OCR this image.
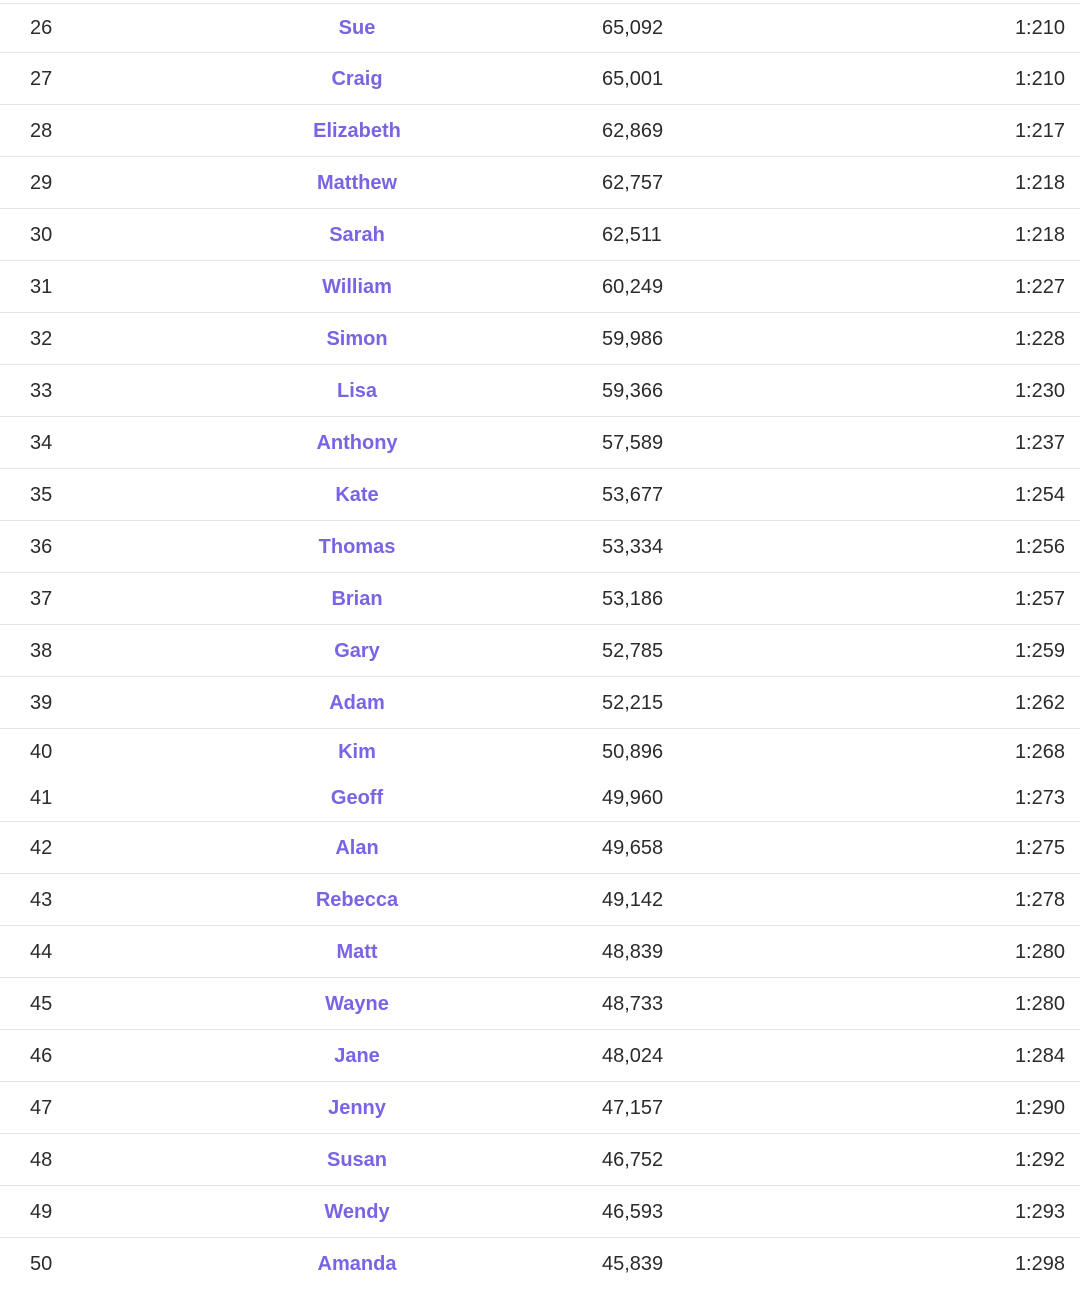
26	Sue	65,092	1:210
27	Craig	65,001	1:210
28	Elizabeth	62,869	1:217
29	Matthew	62,757	1:218
30	Sarah	62,511	1:218
31	William	60,249	1:227
32	Simon	59,986	1:228
33	Lisa	59,366	1:230
34	Anthony	57,589	1:237
35	Kate	53,677	1:254
36	Thomas	53,334	1:256
37	Brian	53,186	1:257
38	Gary	52,785	1:259
39	Adam	52,215	1:262
40	Kim	50,896	1:268
41	Geoff	49,960	1:273
42	Alan	49,658	1:275
43	Rebecca	49,142	1:278
44	Matt	48,839	1:280
45	Wayne	48,733	1:280
46	Jane	48,024	1:284
47	Jenny	47,157	1:290
48	Susan	46,752	1:292
49	Wendy	46,593	1:293
50	Amanda	45,839	1:298
